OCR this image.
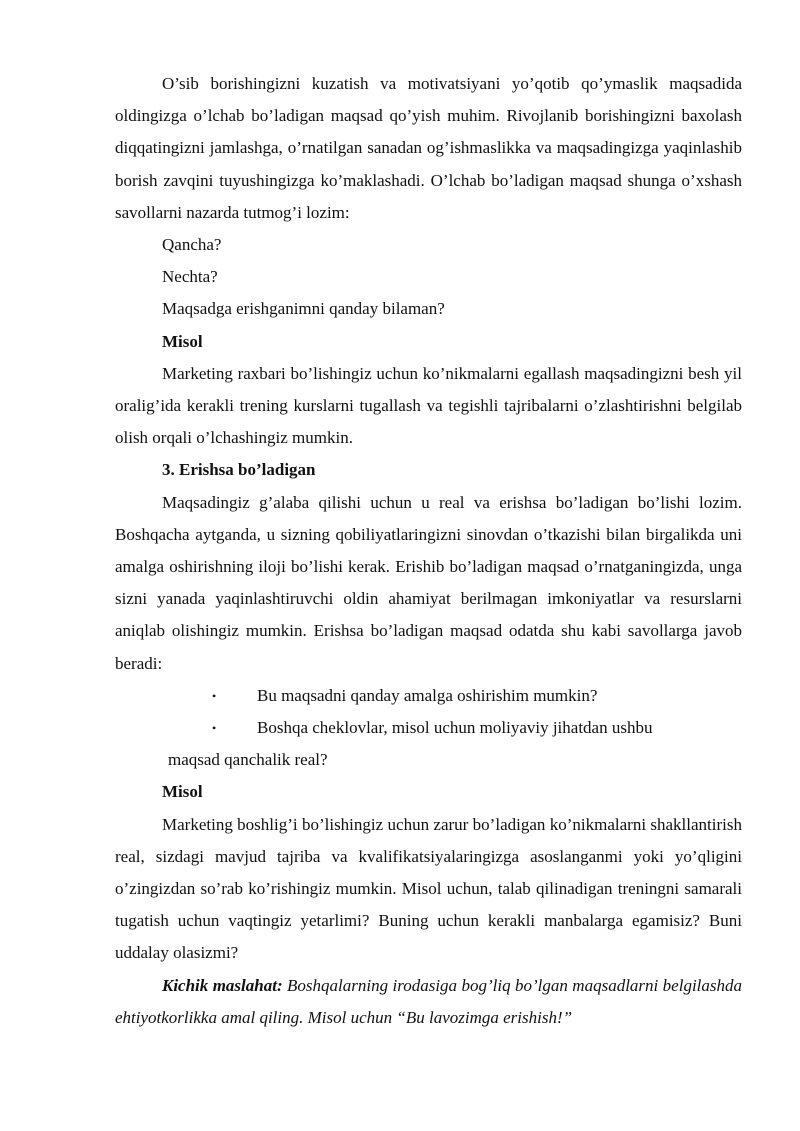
O’sib borishingizni kuzatish va motivatsiyani yo’qotib qo’ymaslik maqsadida oldingizga o’lchab bo’ladigan maqsad qo’yish muhim. Rivojlanib borishingizni baxolash diqqatingizni jamlashga, o’rnatilgan sanadan og’ishmaslikka va maqsadingizga yaqinlashib borish zavqini tuyushingizga ko’maklashadi. O’lchab bo’ladigan maqsad shunga o’xshash savollarni nazarda tutmog’i lozim:

Qancha?

Nechta?

Maqsadga erishganimni qanday bilaman?

Misol

Marketing raxbari bo’lishingiz uchun ko’nikmalarni egallash maqsadingizni besh yil oralig’ida kerakli trening kurslarni tugallash va tegishli tajribalarni o’zlashtirishni belgilab olish orqali o’lchashingiz mumkin.

3. Erishsa bo’ladigan

Maqsadingiz g’alaba qilishi uchun u real va erishsa bo’ladigan bo’lishi lozim. Boshqacha aytganda, u sizning qobiliyatlaringizni sinovdan o’tkazishi bilan birgalikda uni amalga oshirishning iloji bo’lishi kerak. Erishib bo’ladigan maqsad o’rnatganingizda, unga sizni yanada yaqinlashtiruvchi oldin ahamiyat berilmagan imkoniyatlar va resurslarni aniqlab olishingiz mumkin. Erishsa bo’ladigan maqsad odatda shu kabi savollarga javob beradi:

• Bu maqsadni qanday amalga oshirishim mumkin?

• Boshqa cheklovlar, misol uchun moliyaviy jihatdan ushbu

maqsad qanchalik real?

Misol

Marketing boshlig’i bo’lishingiz uchun zarur bo’ladigan ko’nikmalarni shakllantirish real, sizdagi mavjud tajriba va kvalifikatsiyalaringizga asoslanganmi yoki yo’qligini o’zingizdan so’rab ko’rishingiz mumkin. Misol uchun, talab qilinadigan treningni samarali tugatish uchun vaqtingiz yetarlimi? Buning uchun kerakli manbalarga egamisiz? Buni uddalay olasizmi?

Kichik maslahat: Boshqalarning irodasiga bog’liq bo’lgan maqsadlarni belgilashda ehtiyotkorlikka amal qiling. Misol uchun “Bu lavozimga erishish!”
